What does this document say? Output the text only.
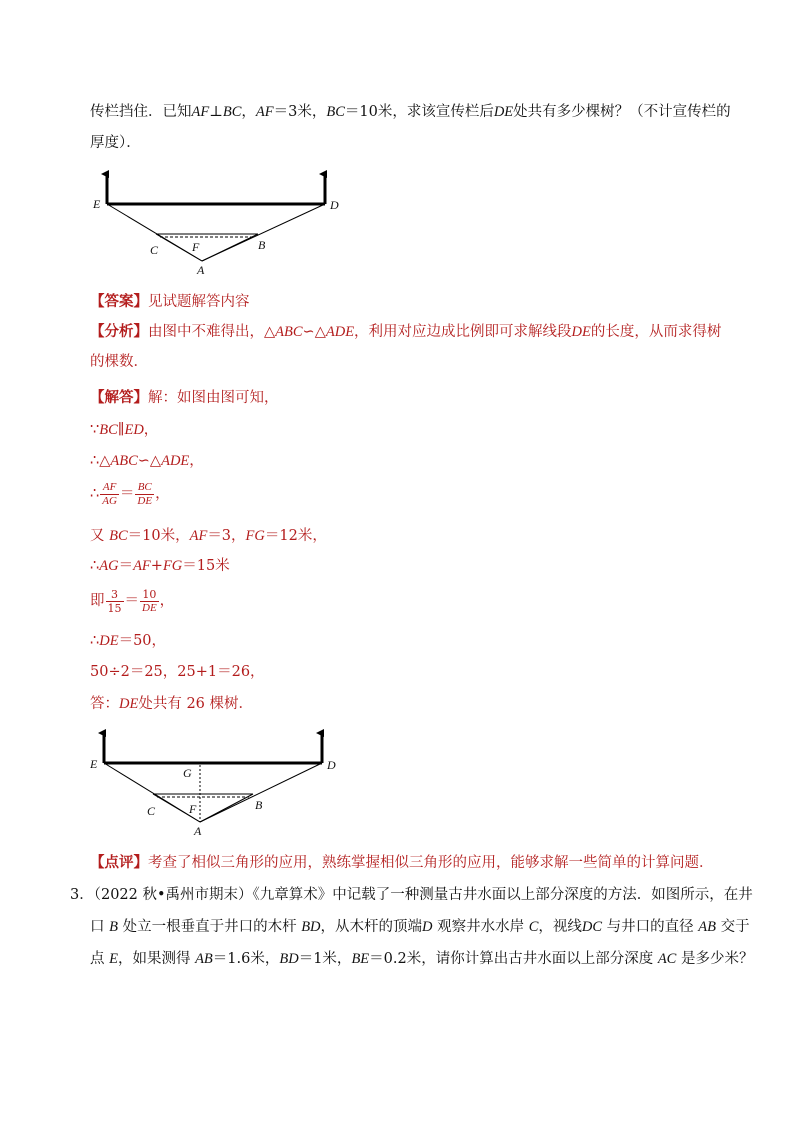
传栏挡住．已知AF⊥BC，AF＝3米，BC＝10米，求该宣传栏后DE处共有多少棵树？（不计宣传栏的
厚度）．
E	D
C	F	B
A
【答案】见试题解答内容
【分析】由图中不难得出，△ABC∽△ADE，利用对应边成比例即可求解线段DE的长度，从而求得树
的棵数．
【解答】解：如图由图可知，
∵BC∥ED，
∴△ABC∽△ADE，
∴ $\frac{AF}{AG} = \frac{BC}{DE}$ ，
又 BC＝10米，AF＝3，FG＝12米，
∴AG＝AF+FG＝15米
即 $\frac{3}{15} = \frac{10}{DE}$ ，
∴DE＝50，
50÷2＝25，25+1＝26，
答：DE处共有 26 棵树．
E
G
D
C	F	B
A
【点评】考查了相似三角形的应用，熟练掌握相似三角形的应用，能够求解一些简单的计算问题．
3．（2022 秋•禹州市期末）《九章算术》中记载了一种测量古井水面以上部分深度的方法．如图所示，在井
口 B 处立一根垂直于井口的木杆 BD，从木杆的顶端D 观察井水水岸 C，视线DC 与井口的直径 AB 交于
点 E，如果测得 AB＝1.6米，BD＝1米，BE＝0.2米，请你计算出古井水面以上部分深度 AC 是多少米？
